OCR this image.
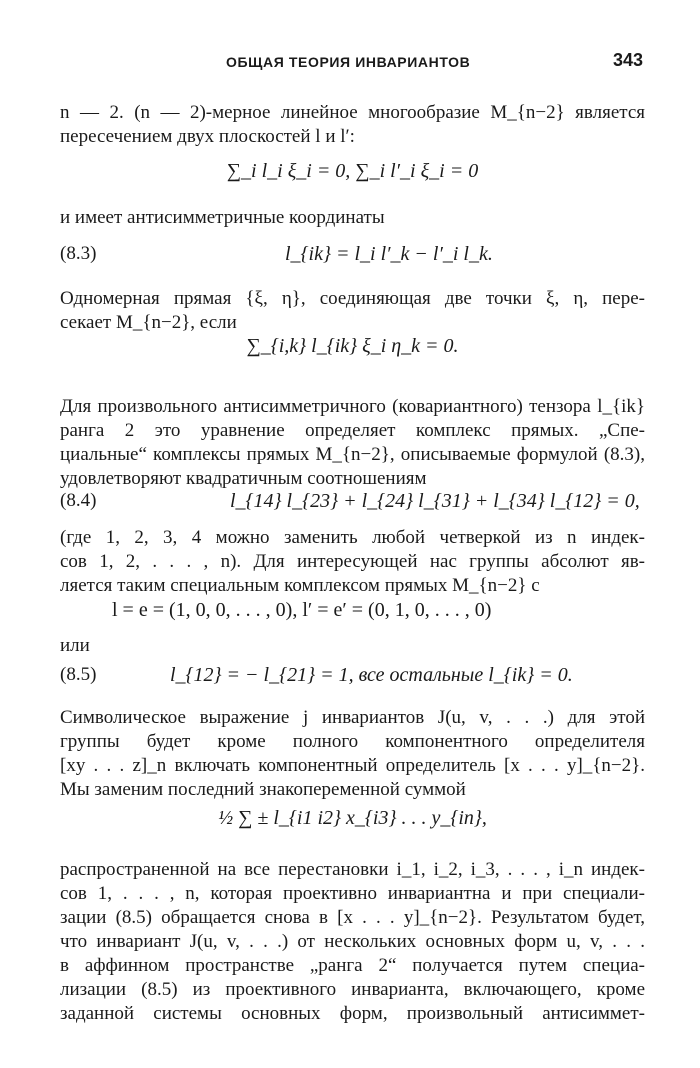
ОБЩАЯ ТЕОРИЯ ИНВАРИАНТОВ	343
n — 2. (n — 2)-мерное линейное многообразие M_{n−2} является
пересечением двух плоскостей l и l′:
∑_i l_i ξ_i = 0, ∑_i l′_i ξ_i = 0
и имеет антисимметричные координаты
(8.3)	l_{ik} = l_i l′_k − l′_i l_k.
Одномерная прямая {ξ, η}, соединяющая две точки ξ, η, пере-
секает M_{n−2}, если
∑_{i,k} l_{ik} ξ_i η_k = 0.
Для произвольного антисимметричного (ковариантного) тензора l_{ik}
ранга 2 это уравнение определяет комплекс прямых. „Спе-
циальные“ комплексы прямых M_{n−2}, описываемые формулой (8.3),
удовлетворяют квадратичным соотношениям
(8.4)	l_{14} l_{23} + l_{24} l_{31} + l_{34} l_{12} = 0,
(где 1, 2, 3, 4 можно заменить любой четверкой из n индек-
сов 1, 2, . . . , n). Для интересующей нас группы абсолют яв-
ляется таким специальным комплексом прямых M_{n−2} с
l = e = (1, 0, 0, . . . , 0), l′ = e′ = (0, 1, 0, . . . , 0)
или
(8.5)	l_{12} = − l_{21} = 1, все остальные l_{ik} = 0.
Символическое выражение j инвариантов J(u, v, . . .) для этой
группы будет кроме полного компонентного определителя
[xy . . . z]_n включать компонентный определитель [x . . . y]_{n−2}.
Мы заменим последний знакопеременной суммой
½ ∑ ± l_{i1 i2} x_{i3} . . . y_{in},
распространенной на все перестановки i_1, i_2, i_3, . . . , i_n индек-
сов 1, . . . , n, которая проективно инвариантна и при специали-
зации (8.5) обращается снова в [x . . . y]_{n−2}. Результатом будет,
что инвариант J(u, v, . . .) от нескольких основных форм u, v, . . .
в аффинном пространстве „ранга 2“ получается путем специа-
лизации (8.5) из проективного инварианта, включающего, кроме
заданной системы основных форм, произвольный антисиммет-
